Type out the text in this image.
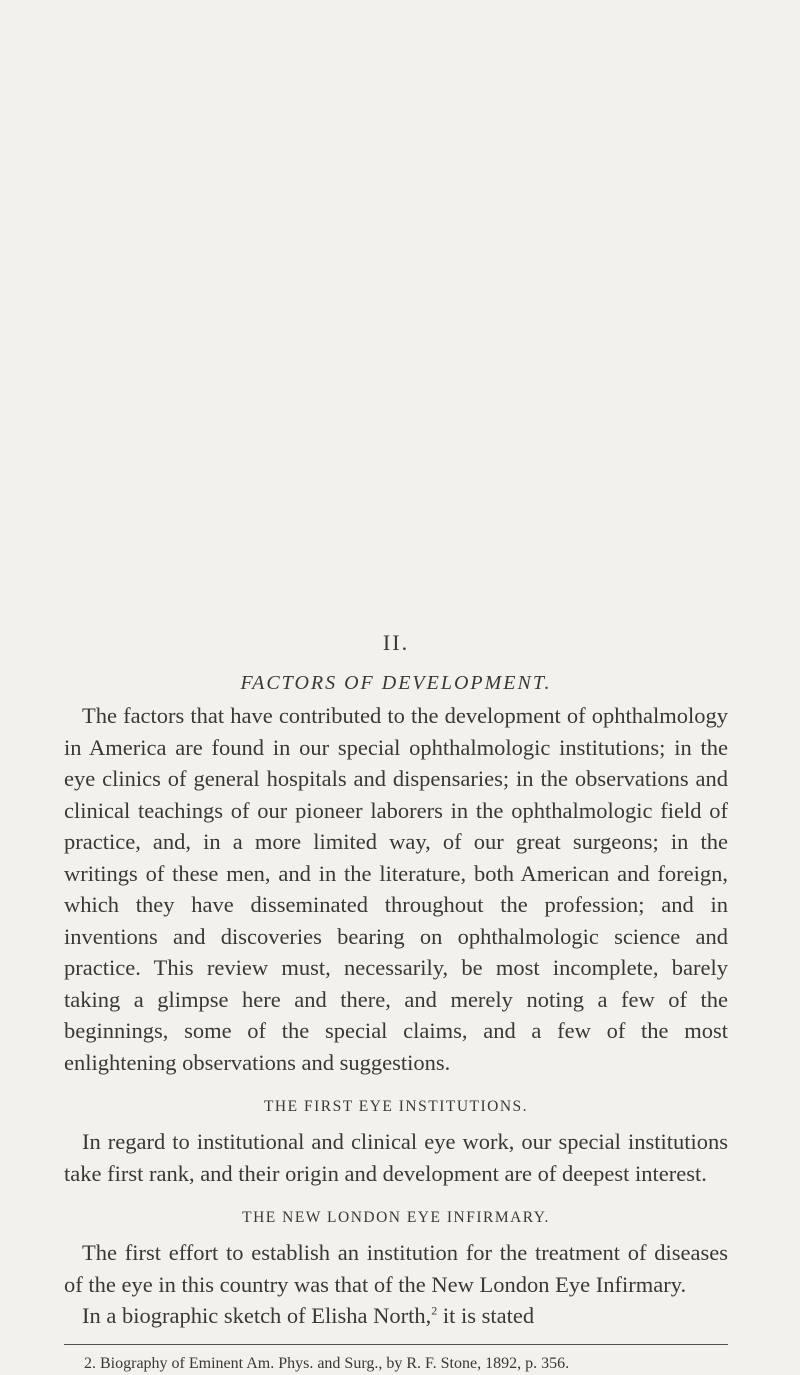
II.
FACTORS OF DEVELOPMENT.

The factors that have contributed to the development of ophthalmology in America are found in our special ophthalmologic institutions; in the eye clinics of general hospitals and dispensaries; in the observations and clinical teachings of our pioneer laborers in the ophthalmologic field of practice, and, in a more limited way, of our great surgeons; in the writings of these men, and in the literature, both American and foreign, which they have disseminated throughout the profession; and in inventions and discoveries bearing on ophthalmologic science and practice. This review must, necessarily, be most incomplete, barely taking a glimpse here and there, and merely noting a few of the beginnings, some of the special claims, and a few of the most enlightening observations and suggestions.

THE FIRST EYE INSTITUTIONS.

In regard to institutional and clinical eye work, our special institutions take first rank, and their origin and development are of deepest interest.

THE NEW LONDON EYE INFIRMARY.

The first effort to establish an institution for the treatment of diseases of the eye in this country was that of the New London Eye Infirmary.

In a biographic sketch of Elisha North,$^2$ it is stated

2. Biography of Eminent Am. Phys. and Surg., by R. F. Stone, 1892, p. 356.
